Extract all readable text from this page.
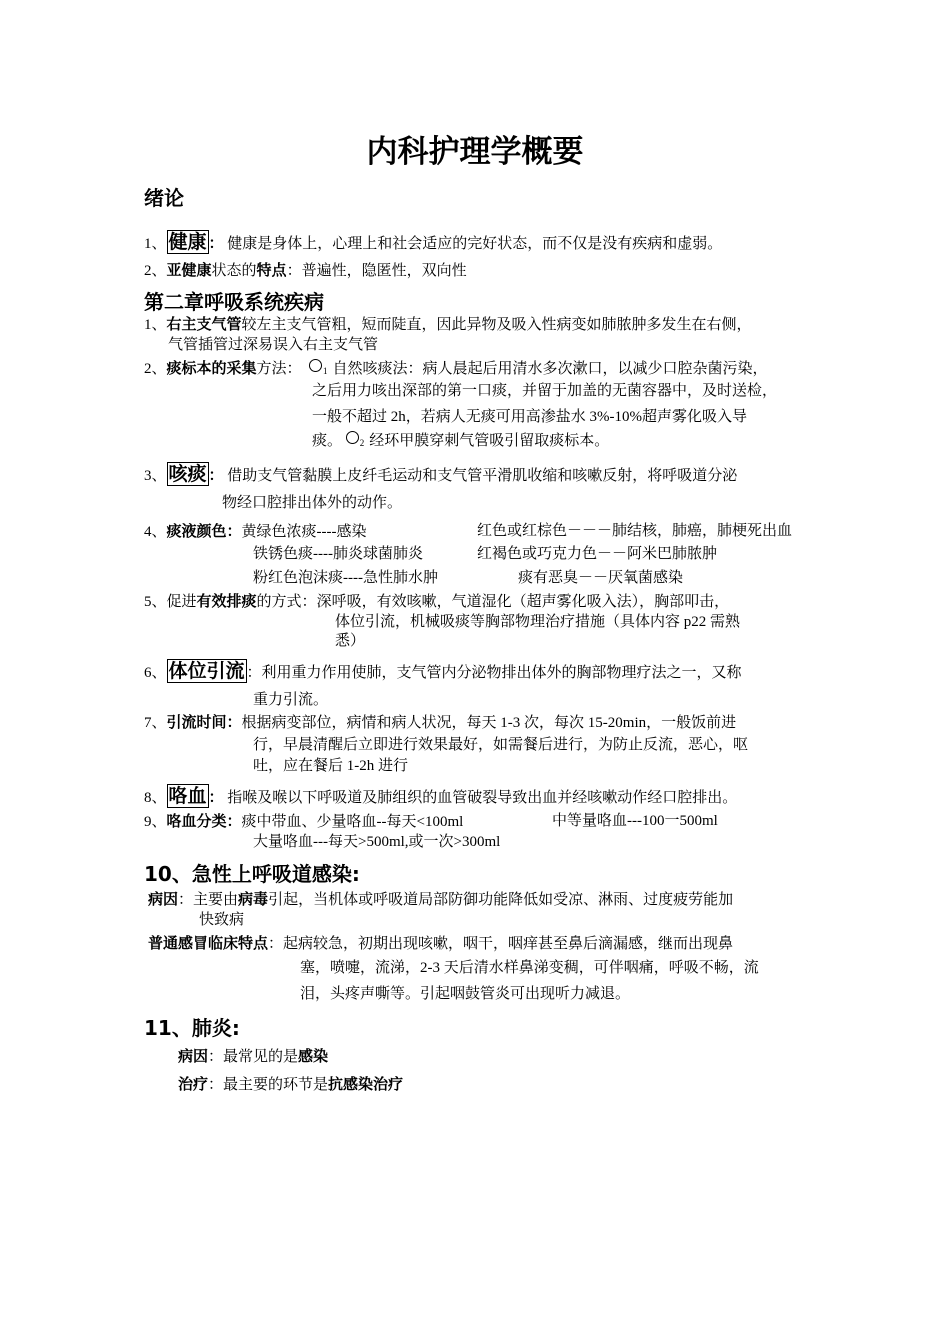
内科护理学概要
绪论
1、 健康 ： 健康是身体上，心理上和社会适应的完好状态，而不仅是没有疾病和虚弱。
2、亚健康状态的特点：普遍性，隐匿性，双向性
第二章呼吸系统疾病
1、右主支气管较左主支气管粗，短而陡直，因此异物及吸入性病变如肺脓肿多发生在右侧，
气管插管过深易误入右主支气管
2、痰标本的采集方法： 1 自然咳痰法：病人晨起后用清水多次漱口，以减少口腔杂菌污染，
之后用力咳出深部的第一口痰，并留于加盖的无菌容器中，及时送检，
一般不超过 2h，若病人无痰可用高渗盐水 3%-10%超声雾化吸入导
痰。 2 经环甲膜穿刺气管吸引留取痰标本。
3、 咳痰 ： 借助支气管黏膜上皮纤毛运动和支气管平滑肌收缩和咳嗽反射，将呼吸道分泌
物经口腔排出体外的动作。
4、痰液颜色：黄绿色浓痰----感染	红色或红棕色－－－肺结核，肺癌，肺梗死出血
铁锈色痰----肺炎球菌肺炎	红褐色或巧克力色－－阿米巴肺脓肿
粉红色泡沫痰----急性肺水肿	痰有恶臭－－厌氧菌感染
5、促进有效排痰的方式：深呼吸，有效咳嗽，气道湿化（超声雾化吸入法），胸部叩击，
体位引流，机械吸痰等胸部物理治疗措施（具体内容 p22 需熟
悉）
6、 体位引流 ：利用重力作用使肺，支气管内分泌物排出体外的胸部物理疗法之一，又称
重力引流。
7、引流时间：根据病变部位，病情和病人状况，每天 1-3 次，每次 15-20min，一般饭前进
行，早晨清醒后立即进行效果最好，如需餐后进行，为防止反流，恶心，呕
吐，应在餐后 1-2h 进行
8、 咯血 ： 指喉及喉以下呼吸道及肺组织的血管破裂导致出血并经咳嗽动作经口腔排出。
9、咯血分类：痰中带血、少量咯血--每天<100ml	中等量咯血---100一500ml
大量咯血---每天>500ml,或一次>300ml
10、急性上呼吸道感染:
病因：主要由病毒引起，当机体或呼吸道局部防御功能降低如受凉、淋雨、过度疲劳能加
快致病
普通感冒临床特点：起病较急，初期出现咳嗽，咽干，咽痒甚至鼻后滴漏感，继而出现鼻
塞，喷嚏，流涕，2-3 天后清水样鼻涕变稠，可伴咽痛，呼吸不畅，流
泪，头疼声嘶等。引起咽鼓管炎可出现听力减退。
11、肺炎:
病因：最常见的是感染
治疗：最主要的环节是抗感染治疗
